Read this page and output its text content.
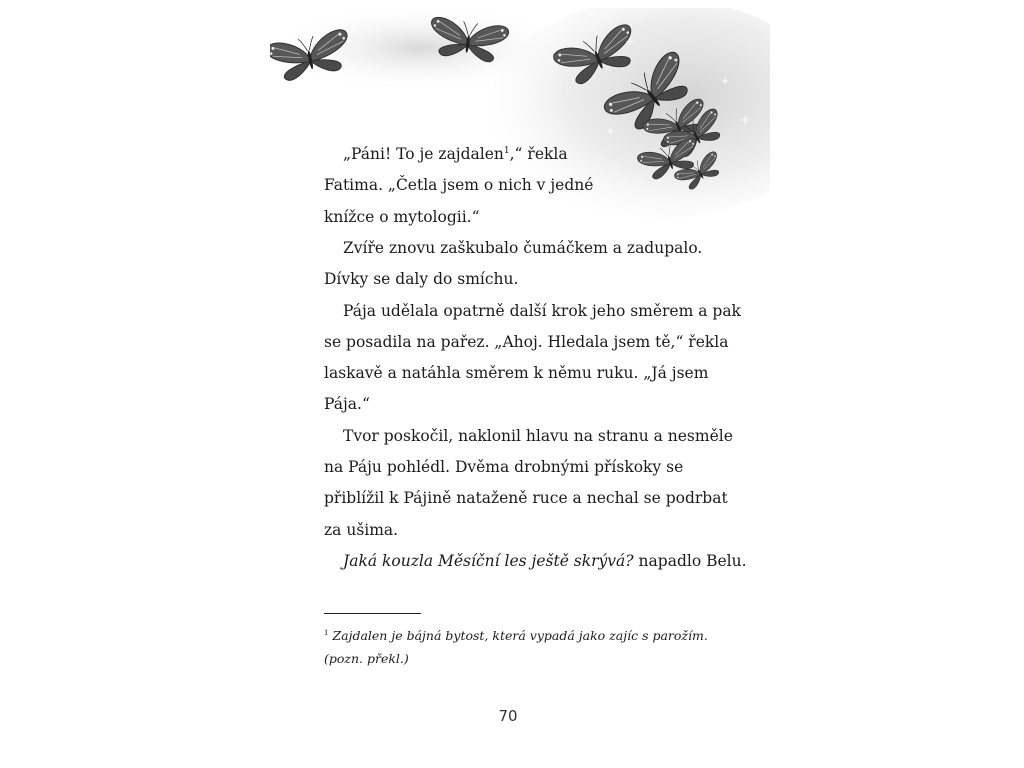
„Páni! To je zajdalen$^1$,“ řekla
Fatima. „Četla jsem o nich v jedné
knížce o mytologii.“
Zvíře znovu zaškubalo čumáčkem a zadupalo.
Dívky se daly do smíchu.
Pája udělala opatrně další krok jeho směrem a pak
se posadila na pařez. „Ahoj. Hledala jsem tě,“ řekla
laskavě a natáhla směrem k němu ruku. „Já jsem
Pája.“
Tvor poskočil, naklonil hlavu na stranu a nesměle
na Páju pohlédl. Dvěma drobnými přískoky se
přiblížil k Pájině nataženě ruce a nechal se podrbat
za ušima.
Jaká kouzla Měsíční les ještě skrývá? napadlo Belu.
$^1$ Zajdalen je bájná bytost, která vypadá jako zajíc s parožím.
(pozn. překl.)
70
